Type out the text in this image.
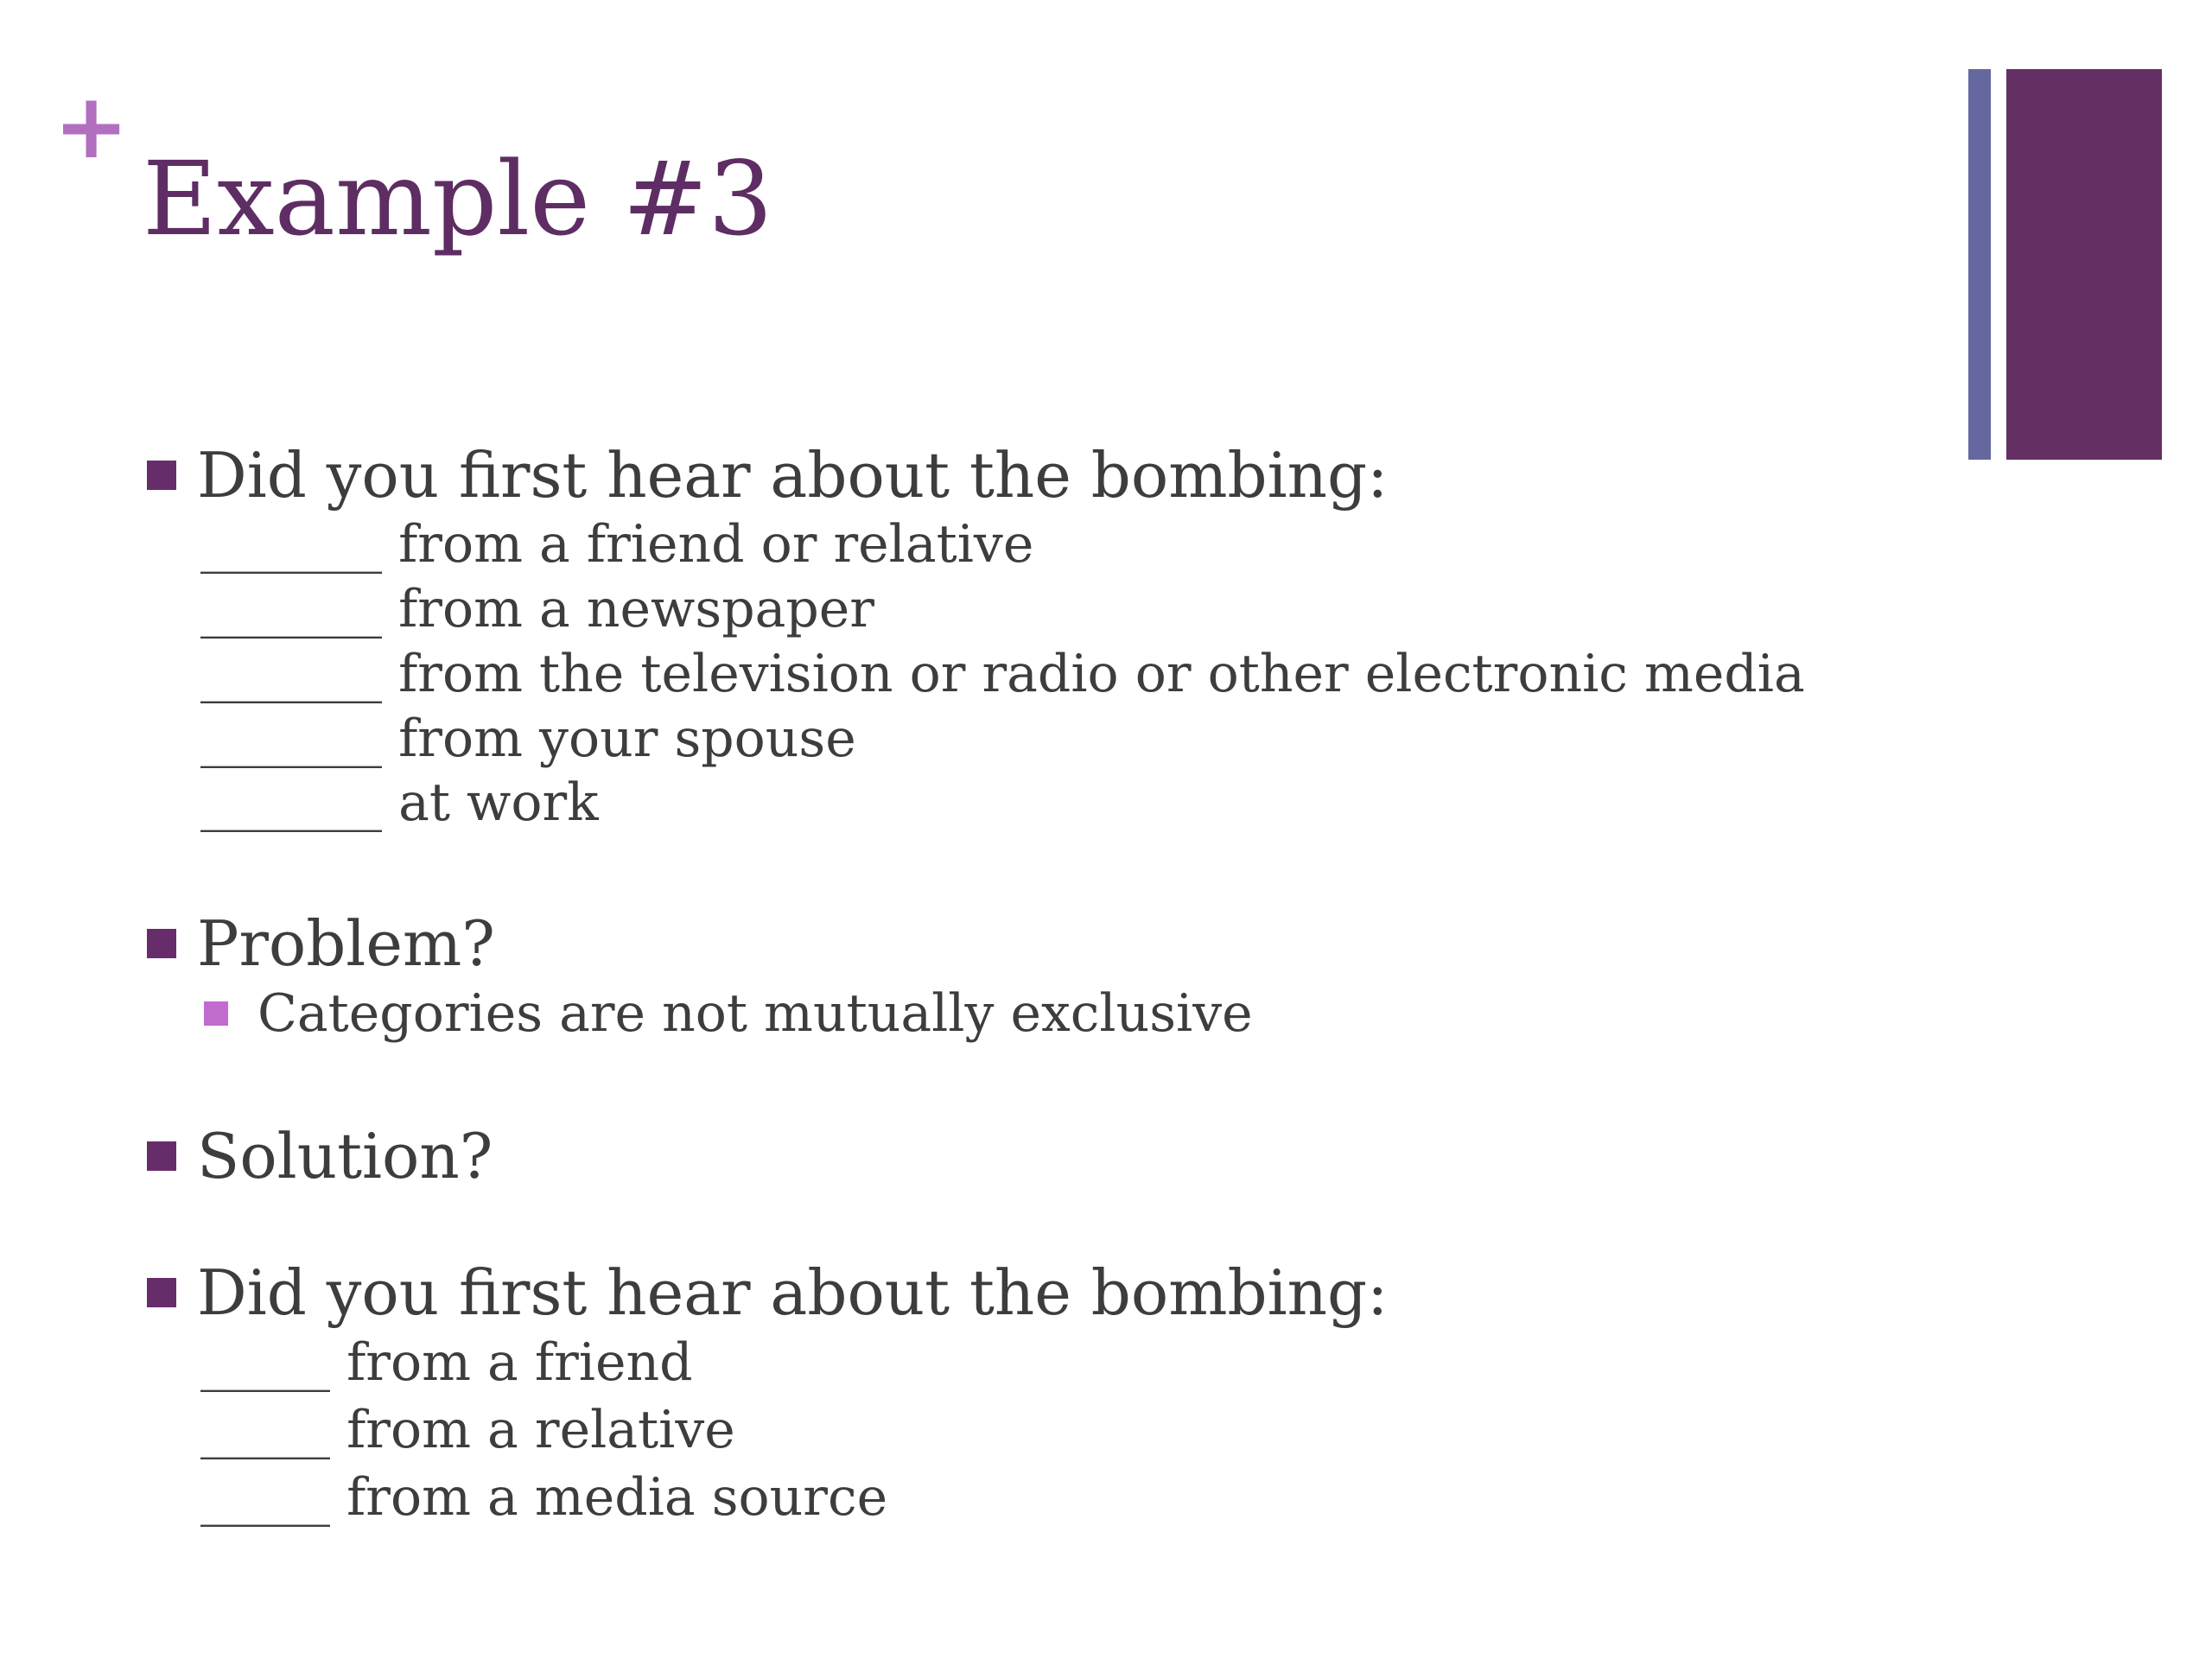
+
Example #3
Did you first hear about the bombing:
_______ from a friend or relative
_______ from a newspaper
_______ from the television or radio or other electronic media
_______ from your spouse
_______ at work
Problem?
Categories are not mutually exclusive
Solution?
Did you first hear about the bombing:
_____ from a friend
_____ from a relative
_____ from a media source
